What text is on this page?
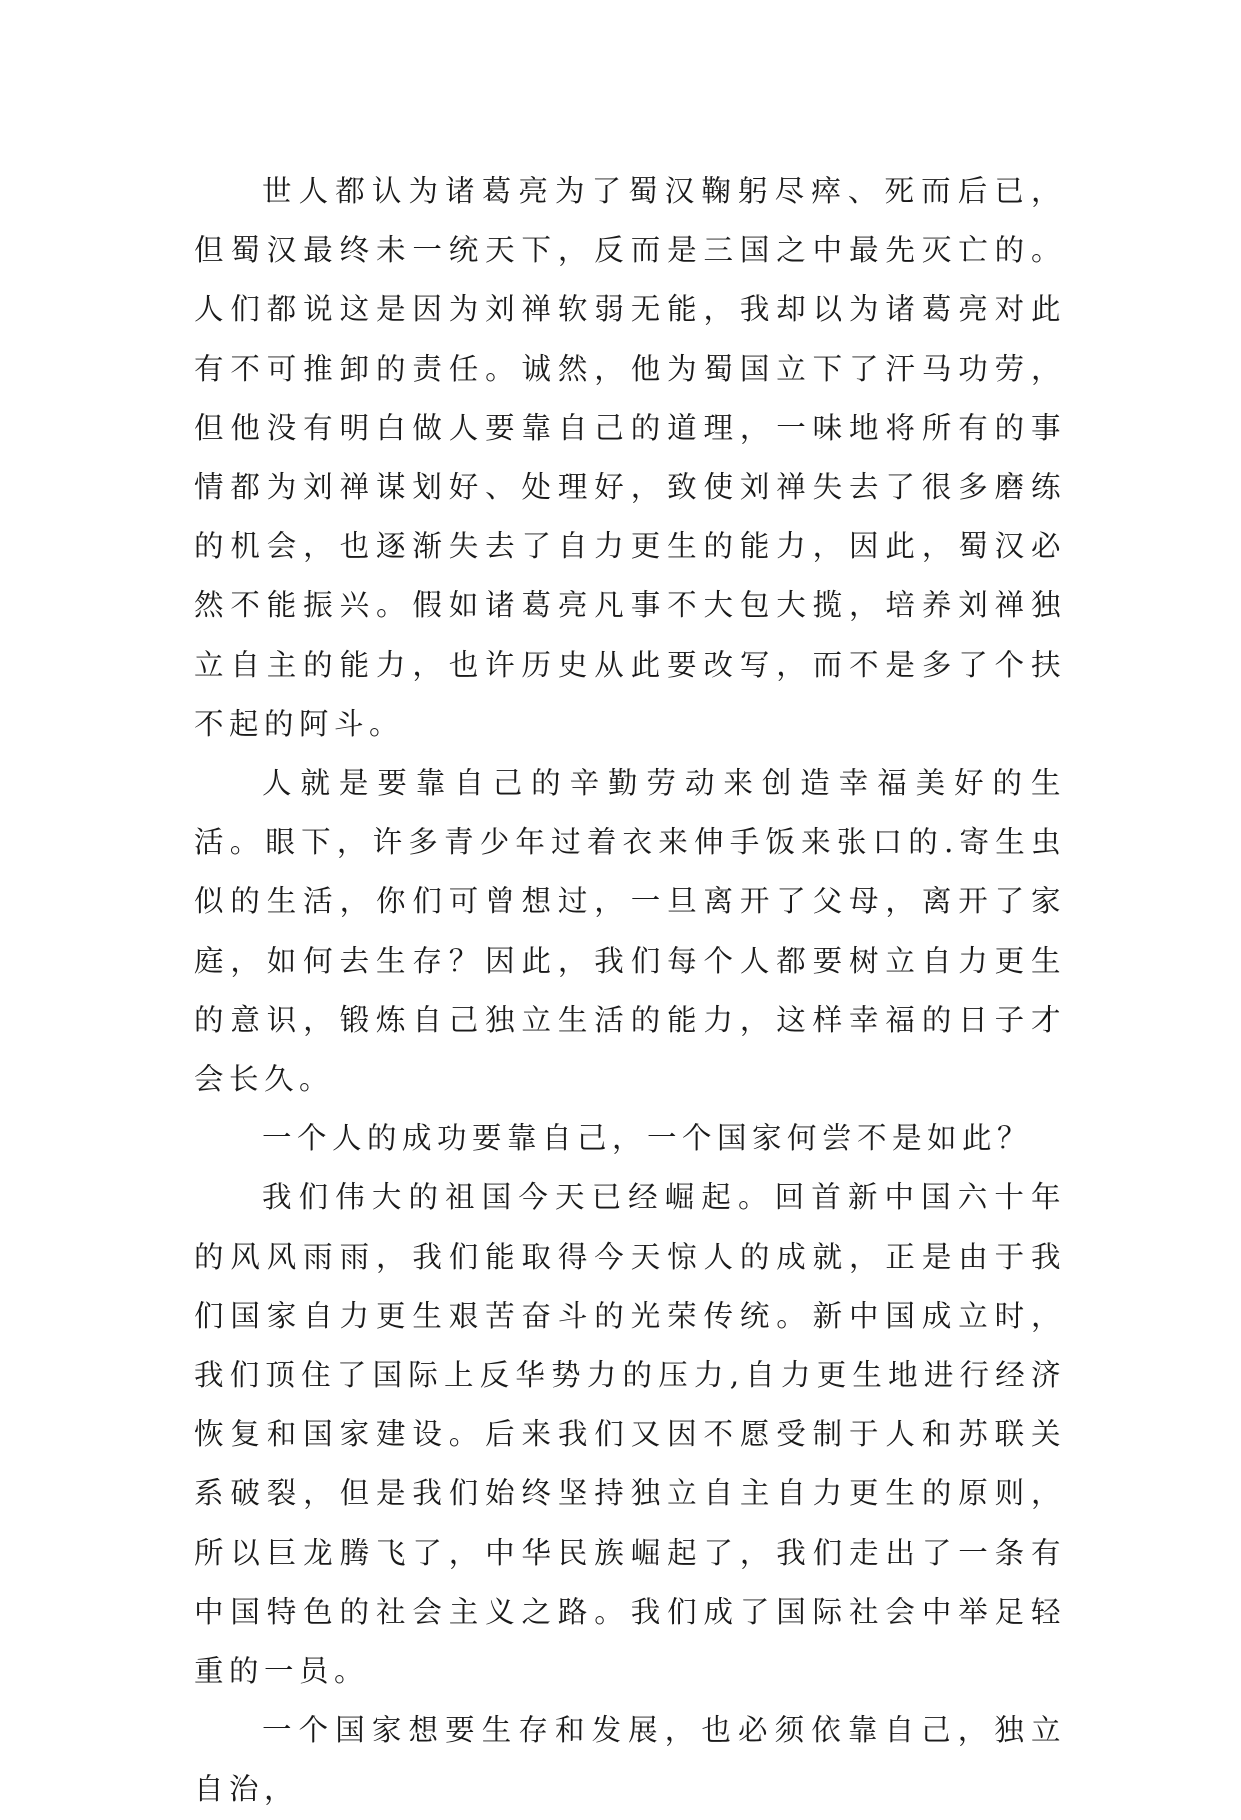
世人都认为诸葛亮为了蜀汉鞠躬尽瘁、死而后已，但蜀汉最终未一统天下，反而是三国之中最先灭亡的。人们都说这是因为刘禅软弱无能，我却以为诸葛亮对此有不可推卸的责任。诚然，他为蜀国立下了汗马功劳，但他没有明白做人要靠自己的道理，一味地将所有的事情都为刘禅谋划好、处理好，致使刘禅失去了很多磨练的机会，也逐渐失去了自力更生的能力，因此，蜀汉必然不能振兴。假如诸葛亮凡事不大包大揽，培养刘禅独立自主的能力，也许历史从此要改写，而不是多了个扶不起的阿斗。

人就是要靠自己的辛勤劳动来创造幸福美好的生活。眼下，许多青少年过着衣来伸手饭来张口的.寄生虫似的生活，你们可曾想过，一旦离开了父母，离开了家庭，如何去生存？因此，我们每个人都要树立自力更生的意识，锻炼自己独立生活的能力，这样幸福的日子才会长久。

一个人的成功要靠自己，一个国家何尝不是如此？

我们伟大的祖国今天已经崛起。回首新中国六十年的风风雨雨，我们能取得今天惊人的成就，正是由于我们国家自力更生艰苦奋斗的光荣传统。新中国成立时，我们顶住了国际上反华势力的压力,自力更生地进行经济恢复和国家建设。后来我们又因不愿受制于人和苏联关系破裂，但是我们始终坚持独立自主自力更生的原则，所以巨龙腾飞了，中华民族崛起了，我们走出了一条有中国特色的社会主义之路。我们成了国际社会中举足轻重的一员。

一个国家想要生存和发展，也必须依靠自己，独立自治，
